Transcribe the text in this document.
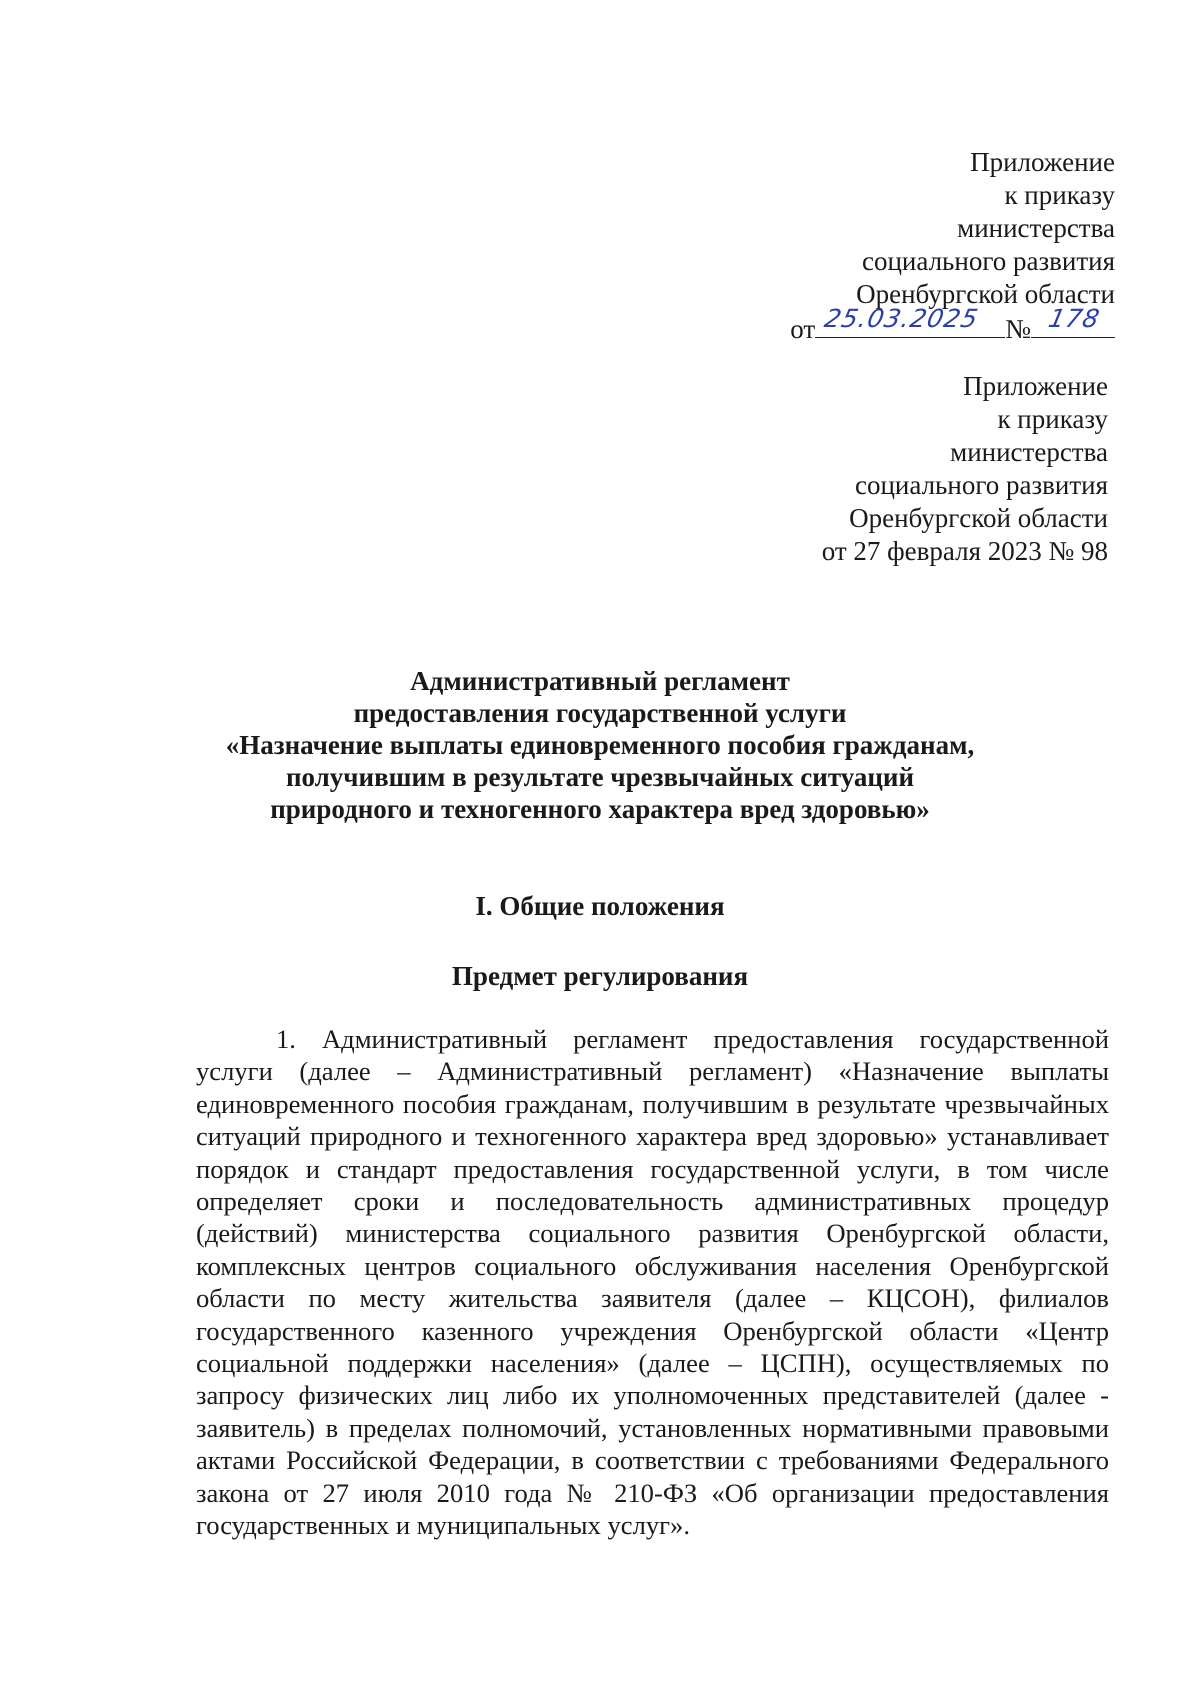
Приложение
к приказу
министерства
социального развития
Оренбургской области
от 25.03.2025 № 178
Приложение
к приказу
министерства
социального развития
Оренбургской области
от 27 февраля 2023 № 98
Административный регламент
предоставления государственной услуги
«Назначение выплаты единовременного пособия гражданам,
получившим в результате чрезвычайных ситуаций
природного и техногенного характера вред здоровью»
I. Общие положения
Предмет регулирования

1. Административный регламент предоставления государственной услуги (далее – Административный регламент) «Назначение выплаты единовременного пособия гражданам, получившим в результате чрезвычайных ситуаций природного и техногенного характера вред здоровью» устанавливает порядок и стандарт предоставления государственной услуги, в том числе определяет сроки и последовательность административных процедур (действий) министерства социального развития Оренбургской области, комплексных центров социального обслуживания населения Оренбургской области по месту жительства заявителя (далее – КЦСОН), филиалов государственного казенного учреждения Оренбургской области «Центр социальной поддержки населения» (далее – ЦСПН), осуществляемых по запросу физических лиц либо их уполномоченных представителей (далее - заявитель) в пределах полномочий, установленных нормативными правовыми актами Российской Федерации, в соответствии с требованиями Федерального закона от 27 июля 2010 года № 210-ФЗ «Об организации предоставления государственных и муниципальных услуг».
